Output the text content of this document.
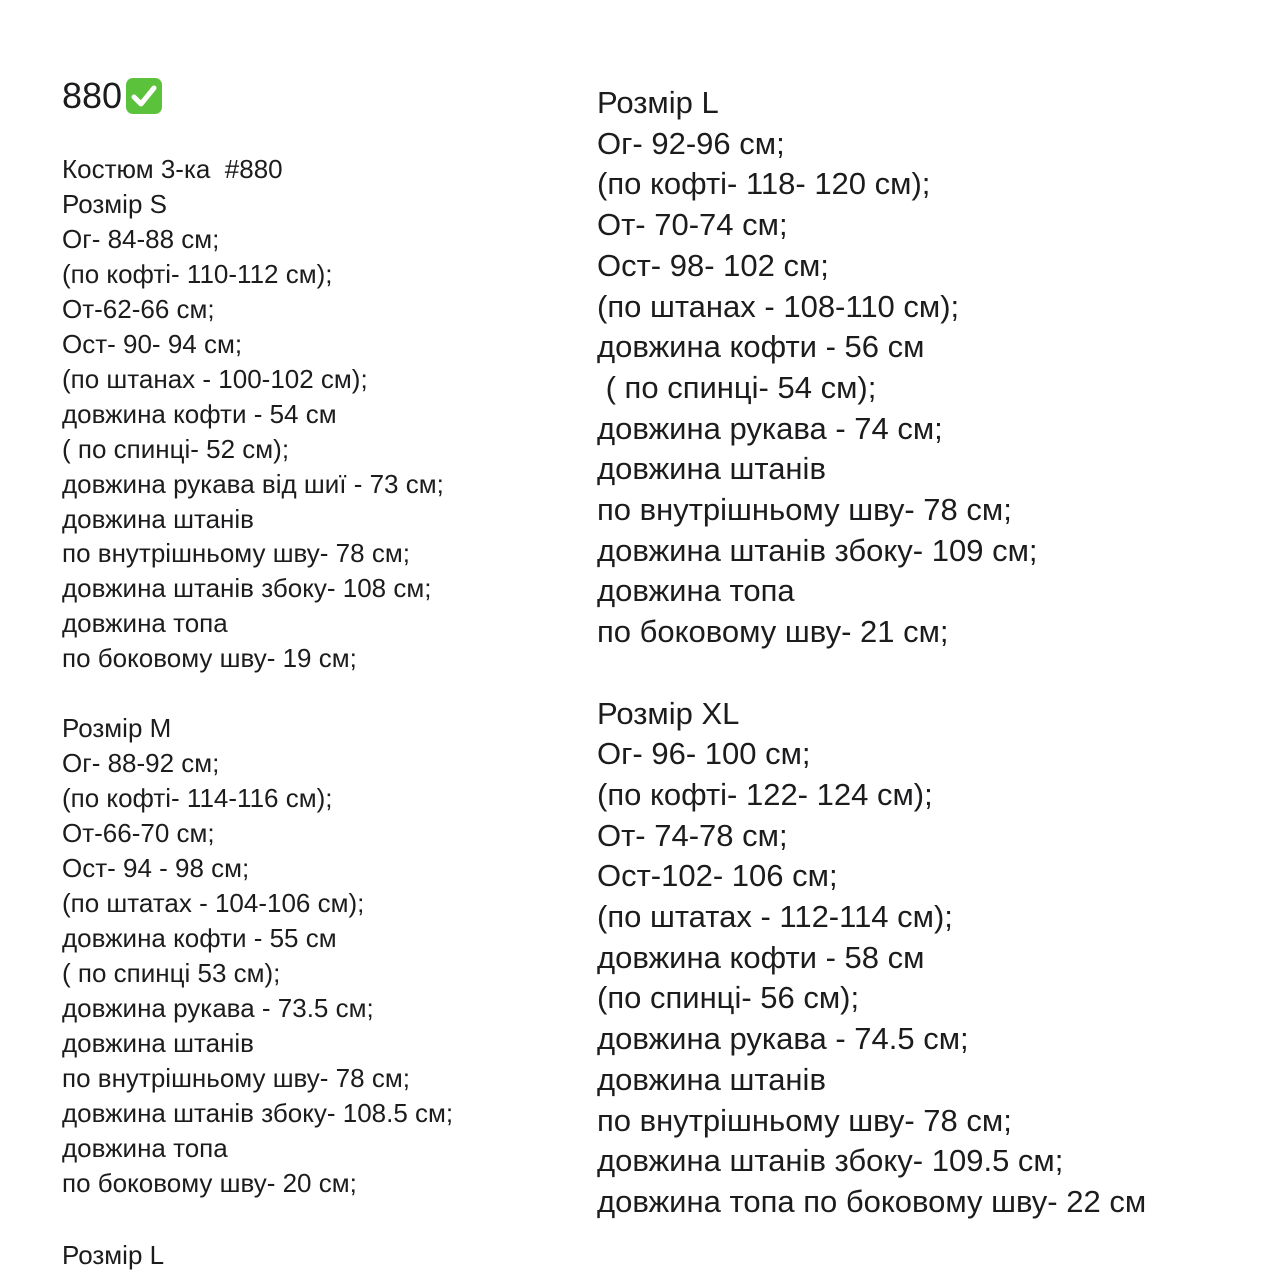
880
Костюм 3-ка  #880
Розмір S
Ог- 84-88 см;
(по кофті- 110-112 см);
От-62-66 см;
Ост- 90- 94 см;
(по штанах - 100-102 см);
довжина кофти - 54 см
( по спинці- 52 см);
довжина рукава від шиї - 73 см;
довжина штанів
по внутрішньому шву- 78 см;
довжина штанів збоку- 108 см;
довжина топа
по боковому шву- 19 см;
Розмір M
Ог- 88-92 см;
(по кофті- 114-116 см);
От-66-70 см;
Ост- 94 - 98 см;
(по штатах - 104-106 см);
довжина кофти - 55 см
( по спинці 53 см);
довжина рукава - 73.5 см;
довжина штанів
по внутрішньому шву- 78 см;
довжина штанів збоку- 108.5 см;
довжина топа
по боковому шву- 20 см;
Розмір L
Ог- 92-96 см;
(по кофті- 118- 120 см);
От- 70-74 см;
Ост- 98- 102 см;
(по штанах - 108-110 см);
довжина кофти - 56 см
( по спинці- 54 см);
довжина рукава - 74 см;
довжина штанів
по внутрішньому шву- 78 см;
довжина штанів збоку- 109 см;
довжина топа
по боковому шву- 21 см;
Розмір XL
Ог- 96- 100 см;
(по кофті- 122- 124 см);
От- 74-78 см;
Ост-102- 106 см;
(по штатах - 112-114 см);
довжина кофти - 58 см
(по спинці- 56 см);
довжина рукава - 74.5 см;
довжина штанів
по внутрішньому шву- 78 см;
довжина штанів збоку- 109.5 см;
довжина топа по боковому шву- 22 см
Розмір L
